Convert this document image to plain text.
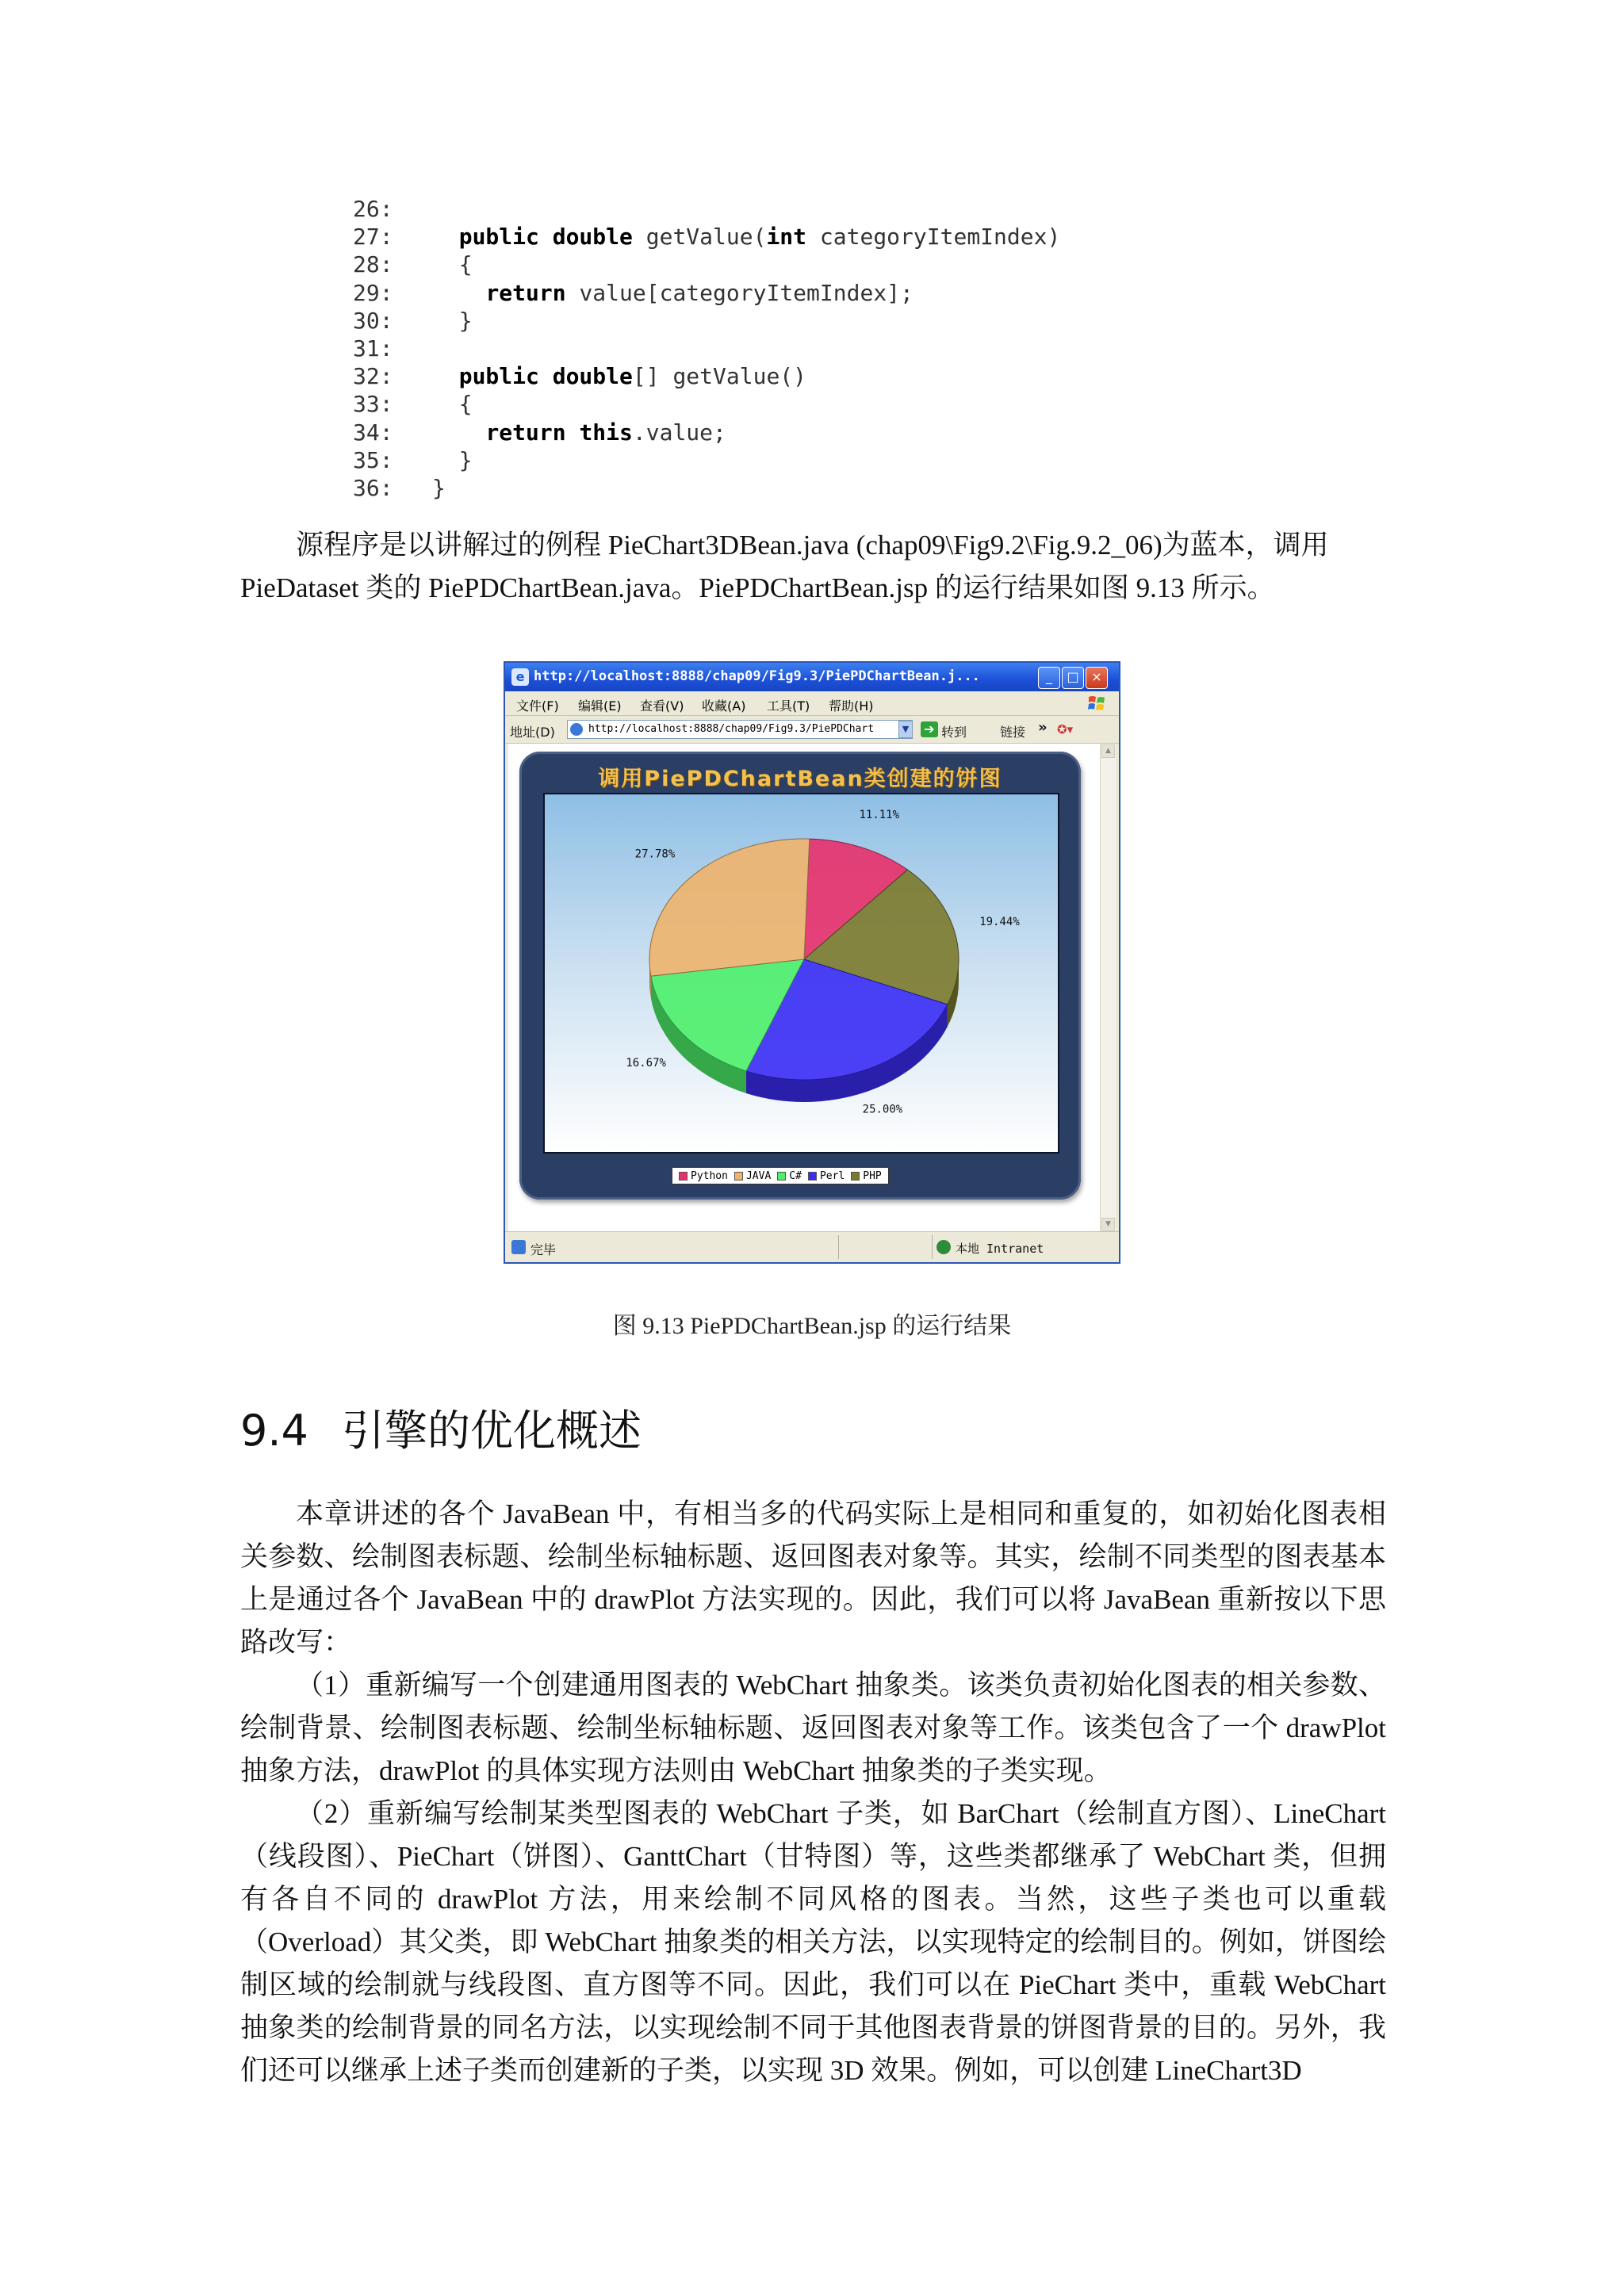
26:
27:	public double getValue(int categoryItemIndex)
28:  {
29:	return value[categoryItemIndex];
30:  }
31:
32:	public double[] getValue()
33:  {
34:	return this.value;
35:  }
36: }

源程序是以讲解过的例程 PieChart3DBean.java (chap09\Fig9.2\Fig.9.2_06)为蓝本，调用

PieDataset 类的 PiePDChartBean.java。PiePDChartBean.jsp 的运行结果如图 9.13 所示。

e http://localhost:8888/chap09/Fig9.3/PiePDChartBean.j...	_	□ ×
文件(F) 编辑(E) 查看(V) 收藏(A) 工具(T) 帮助(H)
地址(D)	http://localhost:8888/chap09/Fig9.3/PiePDChart	▼ ➔ 转到	链接 » ✪▾
调用PiePDChartBean类创建的饼图
11.11%
19.44%
25.00%
16.67%
27.78%
Python JAVA C# Perl PHP
▲
▼
完毕	本地 Intranet
图 9.13 PiePDChartBean.jsp 的运行结果
9.4 引擎的优化概述

本章讲述的各个 JavaBean 中，有相当多的代码实际上是相同和重复的，如初始化图表相关参数、绘制图表标题、绘制坐标轴标题、返回图表对象等。其实，绘制不同类型的图表基本上是通过各个 JavaBean 中的 drawPlot 方法实现的。因此，我们可以将 JavaBean 重新按以下思路改写：

（1）重新编写一个创建通用图表的 WebChart 抽象类。该类负责初始化图表的相关参数、绘制背景、绘制图表标题、绘制坐标轴标题、返回图表对象等工作。该类包含了一个 drawPlot 抽象方法，drawPlot 的具体实现方法则由 WebChart 抽象类的子类实现。

（2）重新编写绘制某类型图表的 WebChart 子类，如 BarChart（绘制直方图）、LineChart（线段图）、PieChart（饼图）、GanttChart（甘特图）等，这些类都继承了 WebChart 类，但拥有各自不同的 drawPlot 方法，用来绘制不同风格的图表。当然，这些子类也可以重载（Overload）其父类，即 WebChart 抽象类的相关方法，以实现特定的绘制目的。例如，饼图绘制区域的绘制就与线段图、直方图等不同。因此，我们可以在 PieChart 类中，重载 WebChart 抽象类的绘制背景的同名方法，以实现绘制不同于其他图表背景的饼图背景的目的。另外，我们还可以继承上述子类而创建新的子类，以实现 3D 效果。例如，可以创建 LineChart3D
